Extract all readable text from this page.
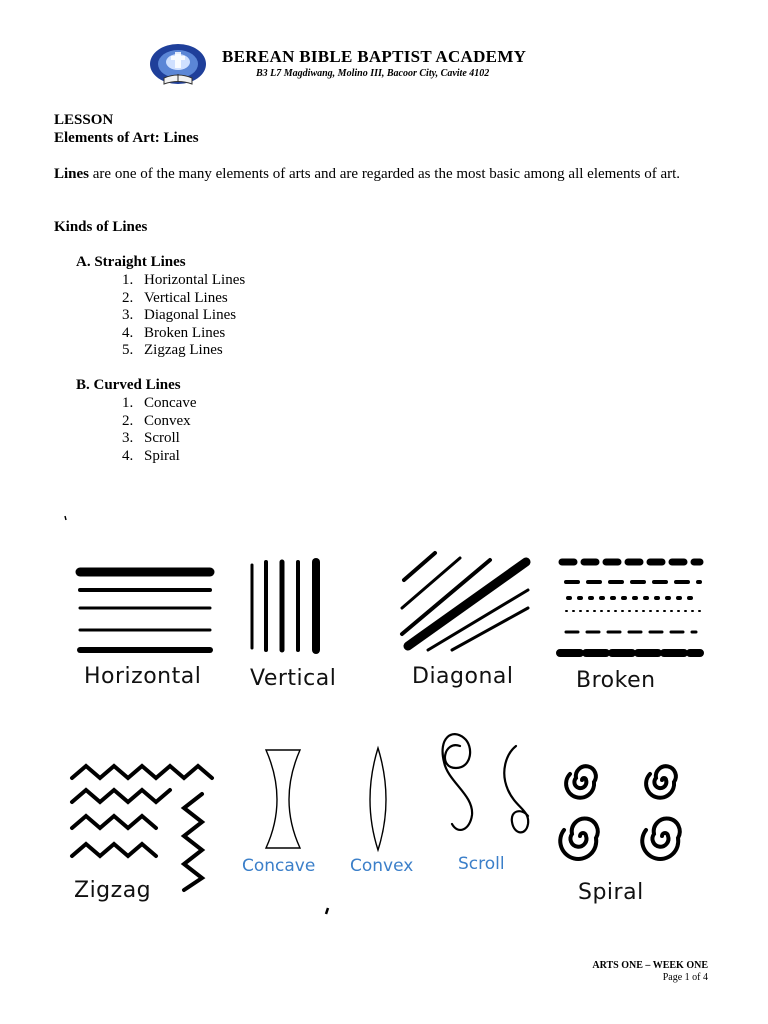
BEREAN BIBLE BAPTIST ACADEMY
B3 L7 Magdiwang, Molino III, Bacoor City, Cavite 4102
LESSON
Elements of Art: Lines
Lines are one of the many elements of arts and are regarded as the most basic among all elements of art.
Kinds of Lines
A. Straight Lines
1. Horizontal Lines
2. Vertical Lines
3. Diagonal Lines
4. Broken Lines
5. Zigzag Lines
B. Curved Lines
1. Concave
2. Convex
3. Scroll
4. Spiral
Horizontal Vertical	Diagonal	Broken
Zigzag
Concave Convex	Scroll
Spiral
ARTS ONE – WEEK ONE
Page 1 of 4
